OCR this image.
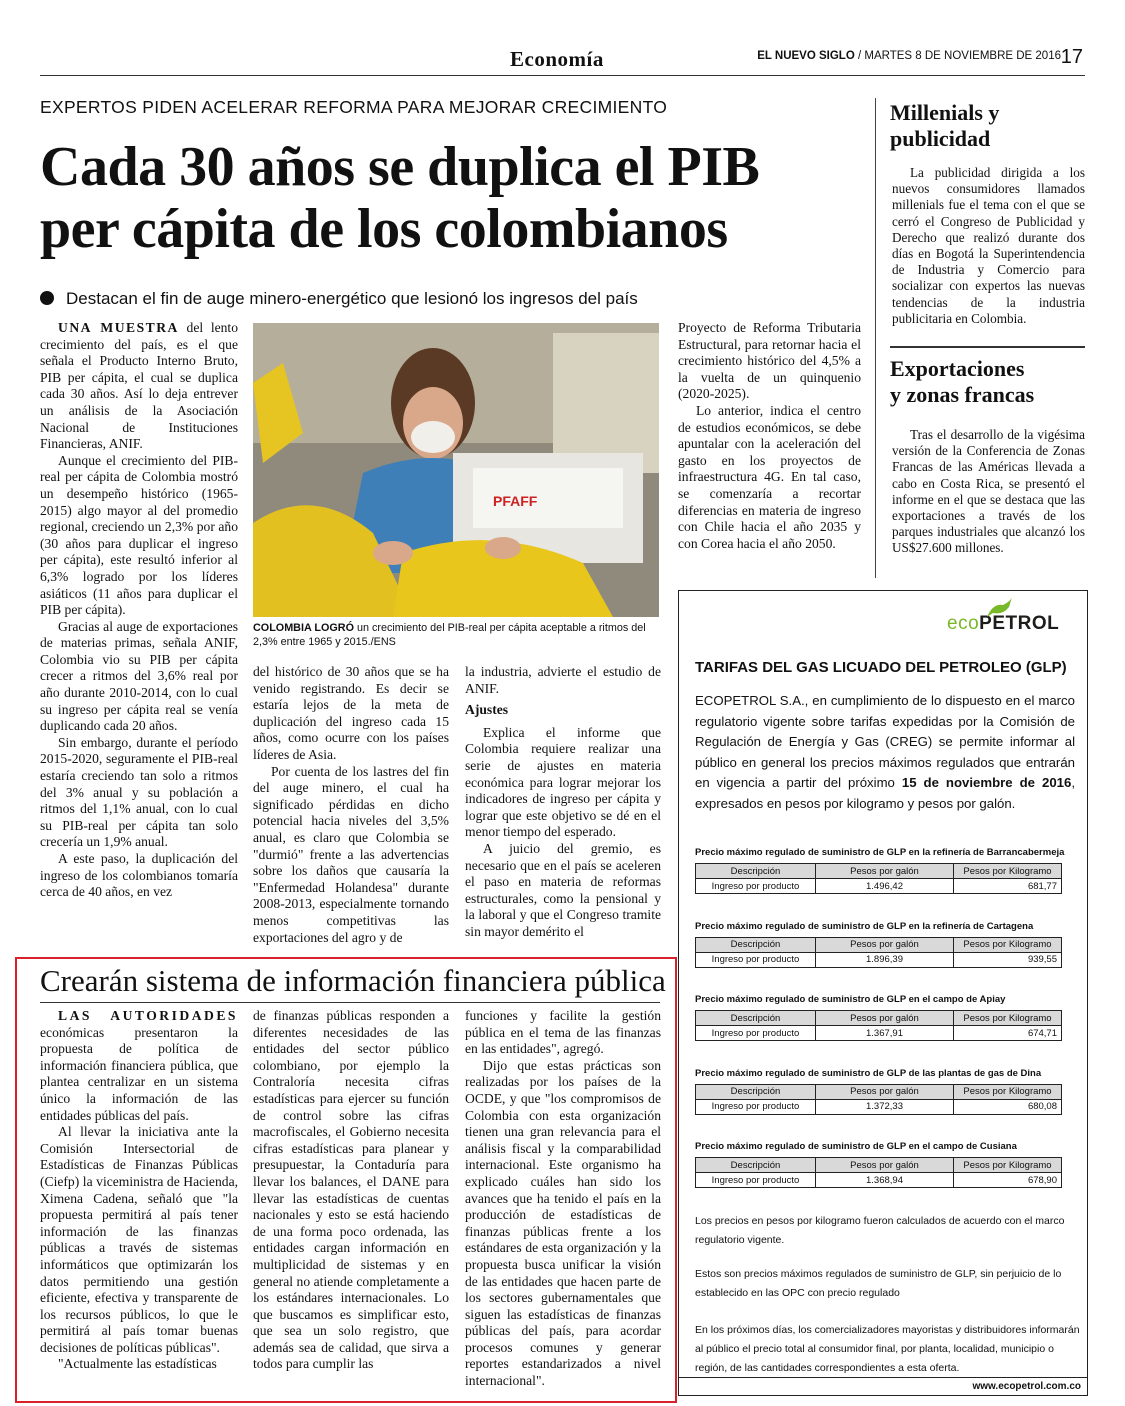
Economía	EL NUEVO SIGLO / MARTES 8 DE NOVIEMBRE DE 2016 17
EXPERTOS PIDEN ACELERAR REFORMA PARA MEJORAR CRECIMIENTO
Cada 30 años se duplica el PIB
per cápita de los colombianos
Destacan el fin de auge minero-energético que lesionó los ingresos del país

UNA MUESTRA del lento crecimiento del país, es el que señala el Producto Interno Bruto, PIB per cápita, el cual se duplica cada 30 años. Así lo deja entrever un análisis de la Asociación Nacional de Instituciones Financieras, ANIF.

Aunque el crecimiento del PIB-real per cápita de Colombia mostró un desempeño histórico (1965-2015) algo mayor al del promedio regional, creciendo un 2,3% por año (30 años para duplicar el ingreso per cápita), este resultó inferior al 6,3% logrado por los líderes asiáticos (11 años para duplicar el PIB per cápita).

Gracias al auge de exportaciones de materias primas, señala ANIF, Colombia vio su PIB per cápita crecer a ritmos del 3,6% real por año durante 2010-2014, con lo cual su ingreso per cápita real se venía duplicando cada 20 años.

Sin embargo, durante el período 2015-2020, seguramente el PIB-real estaría creciendo tan solo a ritmos del 3% anual y su población a ritmos del 1,1% anual, con lo cual su PIB-real per cápita tan solo crecería un 1,9% anual.

A este paso, la duplicación del ingreso de los colombianos tomaría cerca de 40 años, en vez

PFAFF
COLOMBIA LOGRÓ un crecimiento del PIB-real per cápita aceptable a ritmos del 2,3% entre 1965 y 2015./ENS

del histórico de 30 años que se ha venido registrando. Es decir se estaría lejos de la meta de duplicación del ingreso cada 15 años, como ocurre con los países líderes de Asia.

Por cuenta de los lastres del fin del auge minero, el cual ha significado pérdidas en dicho potencial hacia niveles del 3,5% anual, es claro que Colombia se "durmió" frente a las advertencias sobre los daños que causaría la "Enfermedad Holandesa" durante 2008-2013, especialmente tornando menos competitivas las exportaciones del agro y de

la industria, advierte el estudio de ANIF.

Ajustes

Explica el informe que Colombia requiere realizar una serie de ajustes en materia económica para lograr mejorar los indicadores de ingreso per cápita y lograr que este objetivo se dé en el menor tiempo del esperado.

A juicio del gremio, es necesario que en el país se aceleren el paso en materia de reformas estructurales, como la pensional y la laboral y que el Congreso tramite sin mayor demérito el

Proyecto de Reforma Tributaria Estructural, para retornar hacia el crecimiento histórico del 4,5% a la vuelta de un quinquenio (2020-2025).

Lo anterior, indica el centro de estudios económicos, se debe apuntalar con la aceleración del gasto en los proyectos de infraestructura 4G. En tal caso, se comenzaría a recortar diferencias en materia de ingreso con Chile hacia el año 2035 y con Corea hacia el año 2050.

Millenials y
publicidad

La publicidad dirigida a los nuevos consumidores llamados millenials fue el tema con el que se cerró el Congreso de Publicidad y Derecho que realizó durante dos días en Bogotá la Superintendencia de Industria y Comercio para socializar con expertos las nuevas tendencias de la industria publicitaria en Colombia.

Exportaciones
y zonas francas

Tras el desarrollo de la vigésima versión de la Conferencia de Zonas Francas de las Américas llevada a cabo en Costa Rica, se presentó el informe en el que se destaca que las exportaciones a través de los parques industriales que alcanzó los US$27.600 millones.

ecoPETROL
TARIFAS DEL GAS LICUADO DEL PETROLEO (GLP)
ECOPETROL S.A., en cumplimiento de lo dispuesto en el marco regulatorio vigente sobre tarifas expedidas por la Comisión de Regulación de Energía y Gas (CREG) se permite informar al público en general los precios máximos regulados que entrarán en vigencia a partir del próximo 15 de noviembre de 2016, expresados en pesos por kilogramo y pesos por galón.
Precio máximo regulado de suministro de GLP en la refinería de Barrancabermeja
Descripción	Pesos por galón	Pesos por Kilogramo
Ingreso por producto	1.496,42	681,77
Precio máximo regulado de suministro de GLP en la refinería de Cartagena
Descripción	Pesos por galón	Pesos por Kilogramo
Ingreso por producto	1.896,39	939,55
Precio máximo regulado de suministro de GLP en el campo de Apiay
Descripción	Pesos por galón	Pesos por Kilogramo
Ingreso por producto	1.367,91	674,71
Precio máximo regulado de suministro de GLP de las plantas de gas de Dina
Descripción	Pesos por galón	Pesos por Kilogramo
Ingreso por producto	1.372,33	680,08
Precio máximo regulado de suministro de GLP en el campo de Cusiana
Descripción	Pesos por galón	Pesos por Kilogramo
Ingreso por producto	1.368,94	678,90
Los precios en pesos por kilogramo fueron calculados de acuerdo con el marco regulatorio vigente.
Estos son precios máximos regulados de suministro de GLP, sin perjuicio de lo establecido en las OPC con precio regulado
En los próximos días, los comercializadores mayoristas y distribuidores informarán al público el precio total al consumidor final, por planta, localidad, municipio o región, de las cantidades correspondientes a esta oferta.
www.ecopetrol.com.co
Crearán sistema de información financiera pública

LAS AUTORIDADES económicas presentaron la propuesta de política de información financiera pública, que plantea centralizar en un sistema único la información de las entidades públicas del país.

Al llevar la iniciativa ante la Comisión Intersectorial de Estadísticas de Finanzas Públicas (Ciefp) la viceministra de Hacienda, Ximena Cadena, señaló que "la propuesta permitirá al país tener información de las finanzas públicas a través de sistemas informáticos que optimizarán los datos permitiendo una gestión eficiente, efectiva y transparente de los recursos públicos, lo que le permitirá al país tomar buenas decisiones de políticas públicas".

"Actualmente las estadísticas

de finanzas públicas responden a diferentes necesidades de las entidades del sector público colombiano, por ejemplo la Contraloría necesita cifras estadísticas para ejercer su función de control sobre las cifras macrofiscales, el Gobierno necesita cifras estadísticas para planear y presupuestar, la Contaduría para llevar los balances, el DANE para llevar las estadísticas de cuentas nacionales y esto se está haciendo de una forma poco ordenada, las entidades cargan información en multiplicidad de sistemas y en general no atiende completamente a los estándares internacionales. Lo que buscamos es simplificar esto, que sea un solo registro, que además sea de calidad, que sirva a todos para cumplir las

funciones y facilite la gestión pública en el tema de las finanzas en las entidades", agregó.

Dijo que estas prácticas son realizadas por los países de la OCDE, y que "los compromisos de Colombia con esta organización tienen una gran relevancia para el análisis fiscal y la comparabilidad internacional. Este organismo ha explicado cuáles han sido los avances que ha tenido el país en la producción de estadísticas de finanzas públicas frente a los estándares de esta organización y la propuesta busca unificar la visión de las entidades que hacen parte de los sectores gubernamentales que siguen las estadísticas de finanzas públicas del país, para acordar procesos comunes y generar reportes estandarizados a nivel internacional".
